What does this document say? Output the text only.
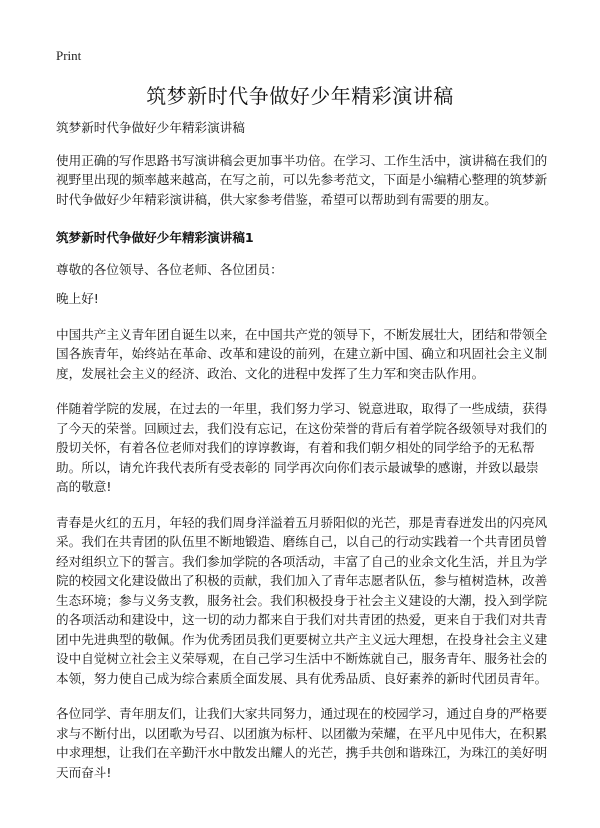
Print
筑梦新时代争做好少年精彩演讲稿

筑梦新时代争做好少年精彩演讲稿

使用正确的写作思路书写演讲稿会更加事半功倍。在学习、工作生活中，演讲稿在我们的视野里出现的频率越来越高，在写之前，可以先参考范文，下面是小编精心整理的筑梦新时代争做好少年精彩演讲稿，供大家参考借鉴，希望可以帮助到有需要的朋友。

筑梦新时代争做好少年精彩演讲稿1

尊敬的各位领导、各位老师、各位团员：

晚上好!

中国共产主义青年团自诞生以来，在中国共产党的领导下，不断发展壮大，团结和带领全国各族青年，始终站在革命、改革和建设的前列，在建立新中国、确立和巩固社会主义制度，发展社会主义的经济、政治、文化的进程中发挥了生力军和突击队作用。

伴随着学院的发展，在过去的一年里，我们努力学习、锐意进取，取得了一些成绩，获得了今天的荣誉。回顾过去，我们没有忘记，在这份荣誉的背后有着学院各级领导对我们的殷切关怀，有着各位老师对我们的谆谆教诲，有着和我们朝夕相处的同学给予的无私帮助。所以，请允许我代表所有受表彰的 同学再次向你们表示最诚挚的感谢，并致以最崇高的敬意!

青春是火红的五月，年轻的我们周身洋溢着五月骄阳似的光芒，那是青春迸发出的闪亮风采。我们在共青团的队伍里不断地锻造、磨练自己，以自己的行动实践着一个共青团员曾经对组织立下的誓言。我们参加学院的各项活动，丰富了自己的业余文化生活，并且为学院的校园文化建设做出了积极的贡献，我们加入了青年志愿者队伍，参与植树造林，改善生态环境；参与义务支教，服务社会。我们积极投身于社会主义建设的大潮，投入到学院的各项活动和建设中，这一切的动力都来自于我们对共青团的热爱，更来自于我们对共青团中先进典型的敬佩。作为优秀团员我们更要树立共产主义远大理想，在投身社会主义建设中自觉树立社会主义荣辱观，在自己学习生活中不断炼就自己，服务青年、服务社会的本领，努力使自己成为综合素质全面发展、具有优秀品质、良好素养的新时代团员青年。

各位同学、青年朋友们，让我们大家共同努力，通过现在的校园学习，通过自身的严格要求与不断付出，以团歌为号召、以团旗为标杆、以团徽为荣耀，在平凡中见伟大，在积累中求理想，让我们在辛勤汗水中散发出耀人的光芒，携手共创和谐珠江，为珠江的美好明天而奋斗!
